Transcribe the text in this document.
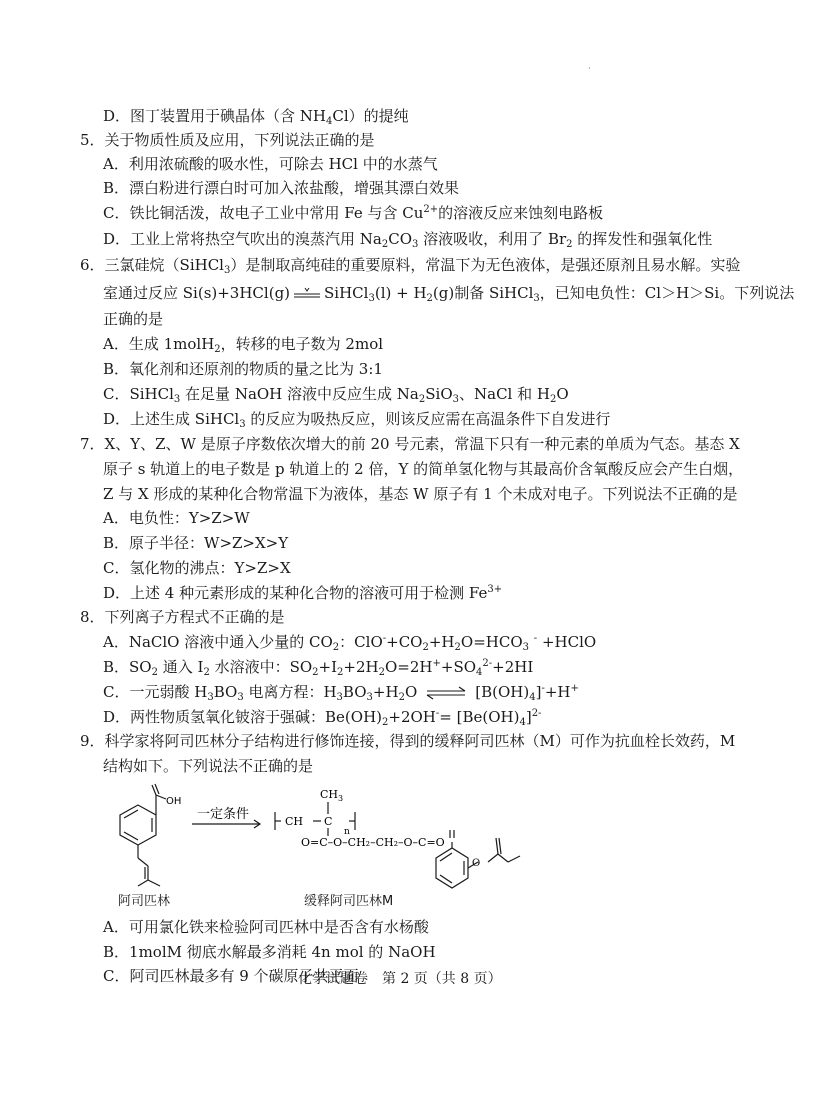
·
D．图丁装置用于碘晶体（含 $NH_4Cl$）的提纯
5．关于物质性质及应用，下列说法正确的是
A．利用浓硫酸的吸水性，可除去 HCl 中的水蒸气
B．漂白粉进行漂白时可加入浓盐酸，增强其漂白效果
C．铁比铜活泼，故电子工业中常用 Fe 与含 $Cu^{2+}$的溶液反应来蚀刻电路板
D．工业上常将热空气吹出的溴蒸汽用 $Na_2CO_3$ 溶液吸收，利用了 $Br_2$ 的挥发性和强氧化性
6．三氯硅烷（SiHCl$_3$）是制取高纯硅的重要原料，常温下为无色液体，是强还原剂且易水解。实验
室通过反应 Si(s)+3HCl(g) SiHCl$_3$(l) + $H_2(g)$制备 SiHCl$_3$，已知电负性：Cl＞H＞Si。下列说法
正确的是
A．生成 1molH$_2$，转移的电子数为 2mol
B．氧化剂和还原剂的物质的量之比为 3:1
C．SiHCl$_3$ 在足量 NaOH 溶液中反应生成 $Na_2SiO_3$、NaCl 和 $H_2O$
D．上述生成 SiHCl$_3$ 的反应为吸热反应，则该反应需在高温条件下自发进行
7．X、Y、Z、W 是原子序数依次增大的前 20 号元素，常温下只有一种元素的单质为气态。基态 X
原子 s 轨道上的电子数是 p 轨道上的 2 倍，Y 的简单氢化物与其最高价含氧酸反应会产生白烟，
Z 与 X 形成的某种化合物常温下为液体，基态 W 原子有 1 个未成对电子。下列说法不正确的是
A．电负性：Y>Z>W
B．原子半径：W>Z>X>Y
C．氢化物的沸点：Y>Z>X
D．上述 4 种元素形成的某种化合物的溶液可用于检测 $Fe^{3+}$
8．下列离子方程式不正确的是
A．NaClO 溶液中通入少量的 $CO_2$：$ClO^-+CO_2+H_2O=HCO_3$ - +HClO
B．$SO_2$ 通入 $I_2$ 水溶液中：$SO_2+I_2+2H_2O=2H^++SO_4^{2-}+2HI$
C．一元弱酸 $H_3BO_3$ 电离方程：$H_3BO_3+H_2O$ ⇌ $[B(OH)_4]^-+H^+$
D．两性物质氢氧化铍溶于强碱：$Be(OH)_2+2OH^-= [Be(OH)_4]^{2-}$
9．科学家将阿司匹林分子结构进行修饰连接，得到的缓释阿司匹林（M）可作为抗血栓长效药，M
结构如下。下列说法不正确的是
OH
一定条件
$CH_3$
CH C
n
O=C–O–CH₂–CH₂–O–C=O
O
阿司匹林	缓释阿司匹林M
A．可用氯化铁来检验阿司匹林中是否含有水杨酸
B．1molM 彻底水解最多消耗 4n mol 的 NaOH
C．阿司匹林最多有 9 个碳原子共平面
化学试题卷　第 2 页（共 8 页）
